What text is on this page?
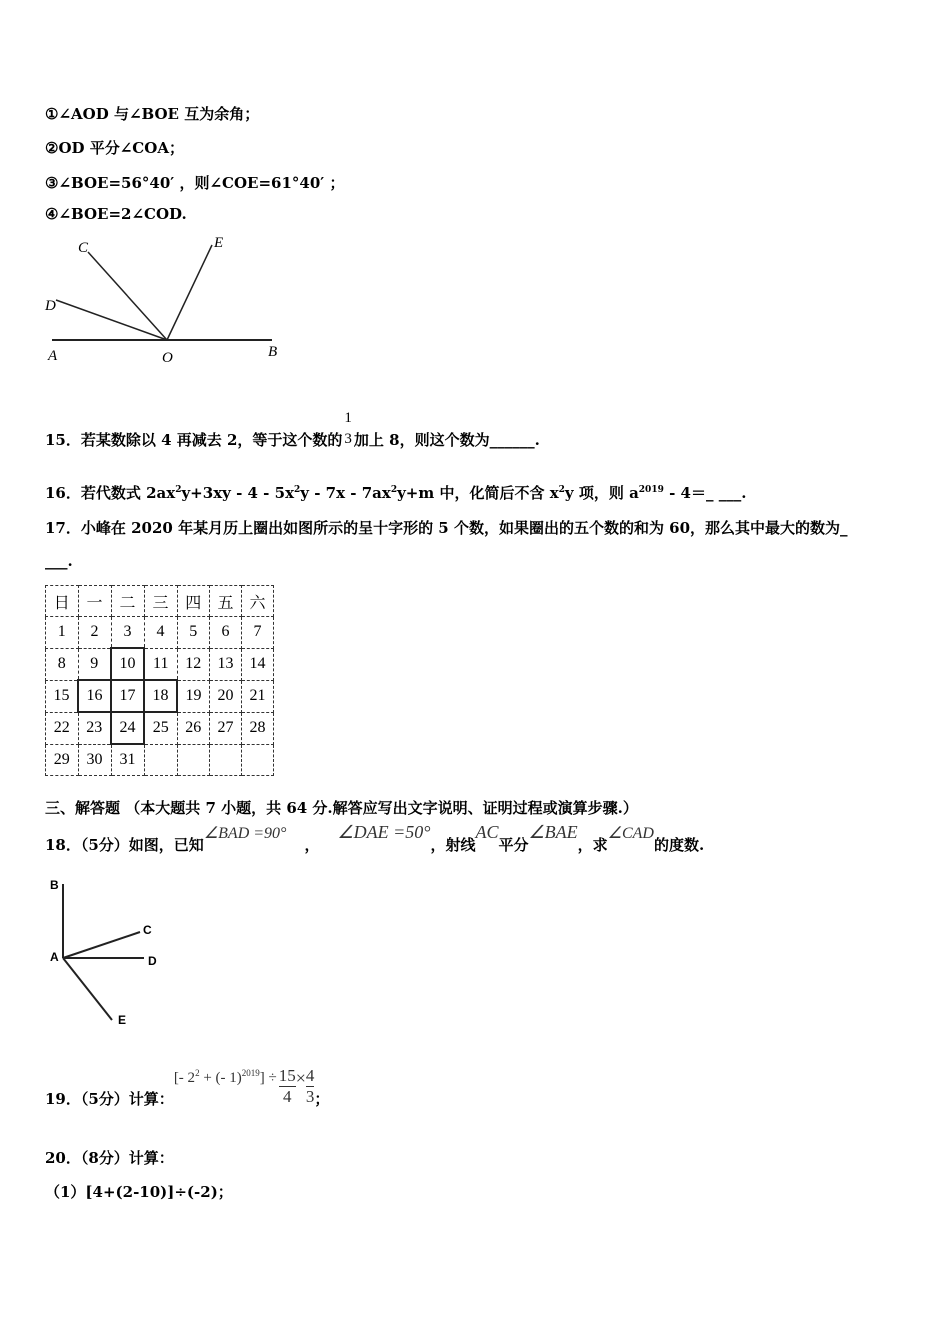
①∠AOD 与∠BOE 互为余角；
②OD 平分∠COA；
③∠BOE=56°40′ ，则∠COE=61°40′ ；
④∠BOE=2∠COD.
C	E
D
A	O	B
15．若某数除以 4 再减去 2，等于这个数的
1
3 加上 8，则这个数为______.
16．若代数式 $2ax^2y+3xy - 4 - 5x^2y - 7x - 7ax^2y+m$ 中，化简后不含 $x^2y$ 项，则 $a^{2019}$ - 4＝_ ___.
17．小峰在 2020 年某月历上圈出如图所示的呈十字形的 5 个数，如果圈出的五个数的和为 60，那么其中最大的数为_
___.
日	一	二	三	四	五	六
1	2	3	4	5	6	7
8	9	10	11	12	13	14
15	16	17	18	19	20	21
22	23	24	25	26	27	28
29	30	31				
三、解答题 （本大题共 7 小题，共 64 分.解答应写出文字说明、证明过程或演算步骤.）
18．（5分）如图，已知∠BAD =90°，∠DAE =50°，射线AC平分∠BAE，求∠CAD的度数.
B
C
A	D
E
19．（5分）计算：[- $2^2$ + (- $1)^{2019}] \div \frac{15}{4} \times \frac{4}{3}$ ；
20．（8分）计算：
（1）[4+(2-10)]÷(-2)；
